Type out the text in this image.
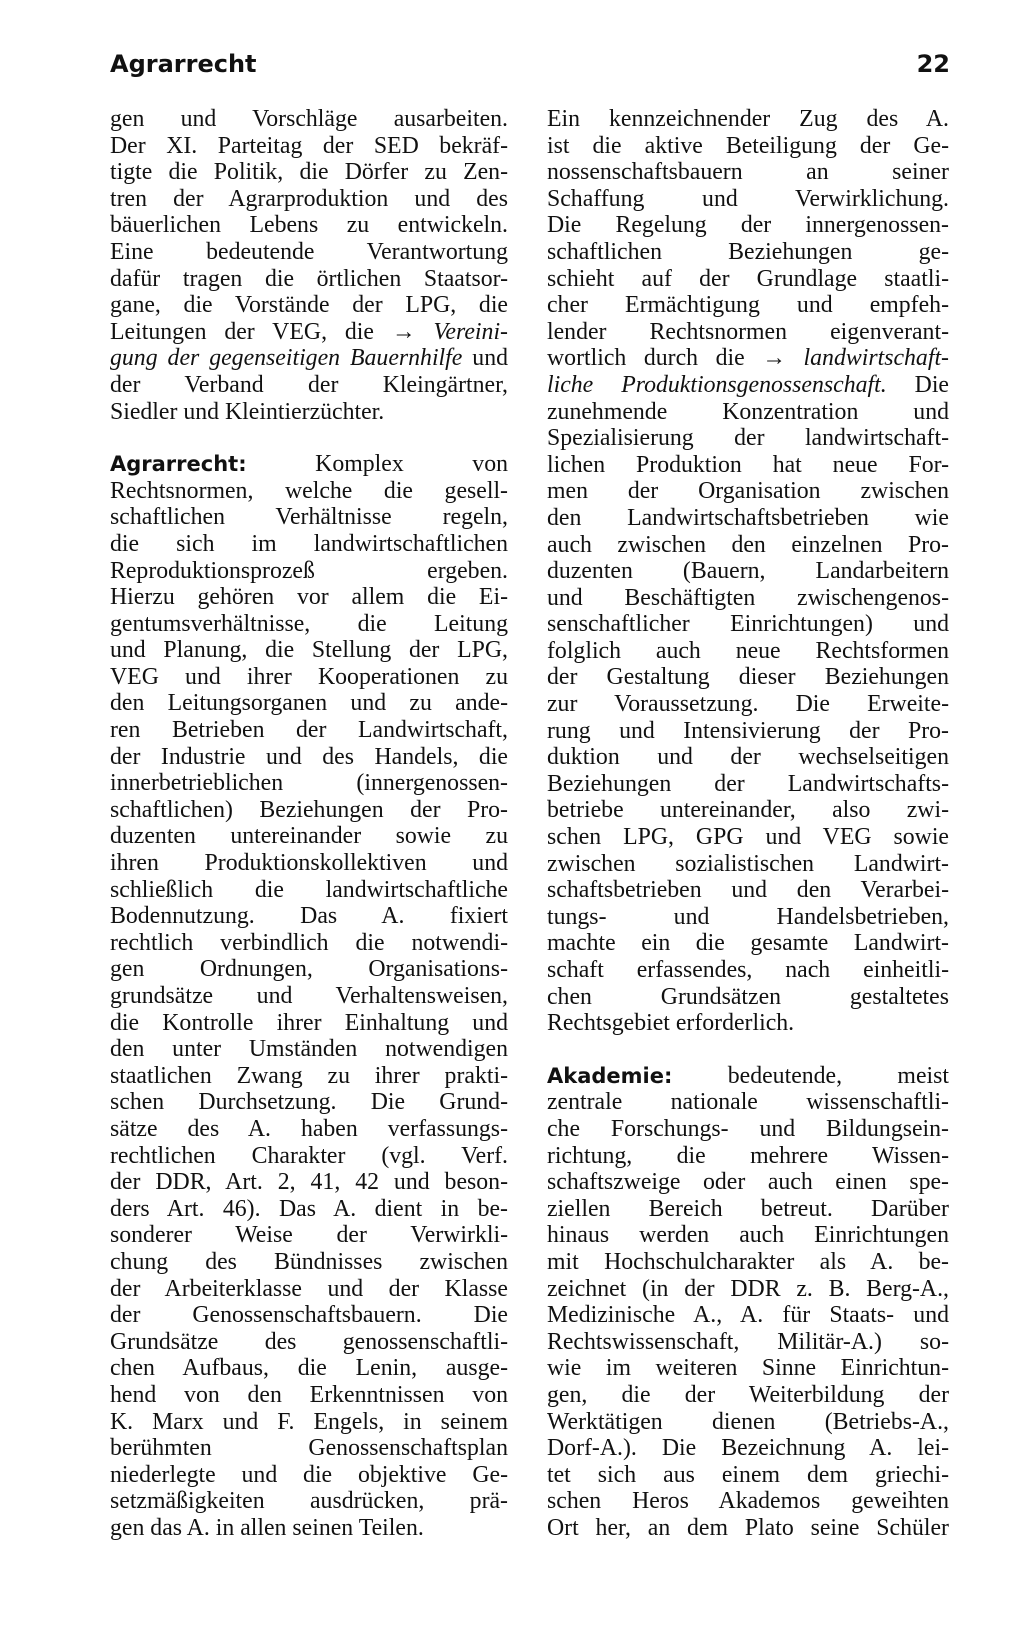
Agrarrecht	22
gen und Vorschläge ausarbeiten.
Der XI. Parteitag der SED bekräf-
tigte die Politik, die Dörfer zu Zen-
tren der Agrarproduktion und des
bäuerlichen Lebens zu entwickeln.
Eine bedeutende Verantwortung
dafür tragen die örtlichen Staatsor-
gane, die Vorstände der LPG, die
Leitungen der VEG, die → Vereini-
gung der gegenseitigen Bauernhilfe und
der Verband der Kleingärtner,
Siedler und Kleintierzüchter.
Agrarrecht: Komplex von
Rechtsnormen, welche die gesell-
schaftlichen Verhältnisse regeln,
die sich im landwirtschaftlichen
Reproduktionsprozeß ergeben.
Hierzu gehören vor allem die Ei-
gentumsverhältnisse, die Leitung
und Planung, die Stellung der LPG,
VEG und ihrer Kooperationen zu
den Leitungsorganen und zu ande-
ren Betrieben der Landwirtschaft,
der Industrie und des Handels, die
innerbetrieblichen (innergenossen-
schaftlichen) Beziehungen der Pro-
duzenten untereinander sowie zu
ihren Produktionskollektiven und
schließlich die landwirtschaftliche
Bodennutzung. Das A. fixiert
rechtlich verbindlich die notwendi-
gen Ordnungen, Organisations-
grundsätze und Verhaltensweisen,
die Kontrolle ihrer Einhaltung und
den unter Umständen notwendigen
staatlichen Zwang zu ihrer prakti-
schen Durchsetzung. Die Grund-
sätze des A. haben verfassungs-
rechtlichen Charakter (vgl. Verf.
der DDR, Art. 2, 41, 42 und beson-
ders Art. 46). Das A. dient in be-
sonderer Weise der Verwirkli-
chung des Bündnisses zwischen
der Arbeiterklasse und der Klasse
der Genossenschaftsbauern. Die
Grundsätze des genossenschaftli-
chen Aufbaus, die Lenin, ausge-
hend von den Erkenntnissen von
K. Marx und F. Engels, in seinem
berühmten Genossenschaftsplan
niederlegte und die objektive Ge-
setzmäßigkeiten ausdrücken, prä-
gen das A. in allen seinen Teilen.
Ein kennzeichnender Zug des A.
ist die aktive Beteiligung der Ge-
nossenschaftsbauern an seiner
Schaffung und Verwirklichung.
Die Regelung der innergenossen-
schaftlichen Beziehungen ge-
schieht auf der Grundlage staatli-
cher Ermächtigung und empfeh-
lender Rechtsnormen eigenverant-
wortlich durch die → landwirtschaft-
liche Produktionsgenossenschaft. Die
zunehmende Konzentration und
Spezialisierung der landwirtschaft-
lichen Produktion hat neue For-
men der Organisation zwischen
den Landwirtschaftsbetrieben wie
auch zwischen den einzelnen Pro-
duzenten (Bauern, Landarbeitern
und Beschäftigten zwischengenos-
senschaftlicher Einrichtungen) und
folglich auch neue Rechtsformen
der Gestaltung dieser Beziehungen
zur Voraussetzung. Die Erweite-
rung und Intensivierung der Pro-
duktion und der wechselseitigen
Beziehungen der Landwirtschafts-
betriebe untereinander, also zwi-
schen LPG, GPG und VEG sowie
zwischen sozialistischen Landwirt-
schaftsbetrieben und den Verarbei-
tungs- und Handelsbetrieben,
machte ein die gesamte Landwirt-
schaft erfassendes, nach einheitli-
chen Grundsätzen gestaltetes
Rechtsgebiet erforderlich.
Akademie: bedeutende, meist
zentrale nationale wissenschaftli-
che Forschungs- und Bildungsein-
richtung, die mehrere Wissen-
schaftszweige oder auch einen spe-
ziellen Bereich betreut. Darüber
hinaus werden auch Einrichtungen
mit Hochschulcharakter als A. be-
zeichnet (in der DDR z. B. Berg-A.,
Medizinische A., A. für Staats- und
Rechtswissenschaft, Militär-A.) so-
wie im weiteren Sinne Einrichtun-
gen, die der Weiterbildung der
Werktätigen dienen (Betriebs-A.,
Dorf-A.). Die Bezeichnung A. lei-
tet sich aus einem dem griechi-
schen Heros Akademos geweihten
Ort her, an dem Plato seine Schüler
